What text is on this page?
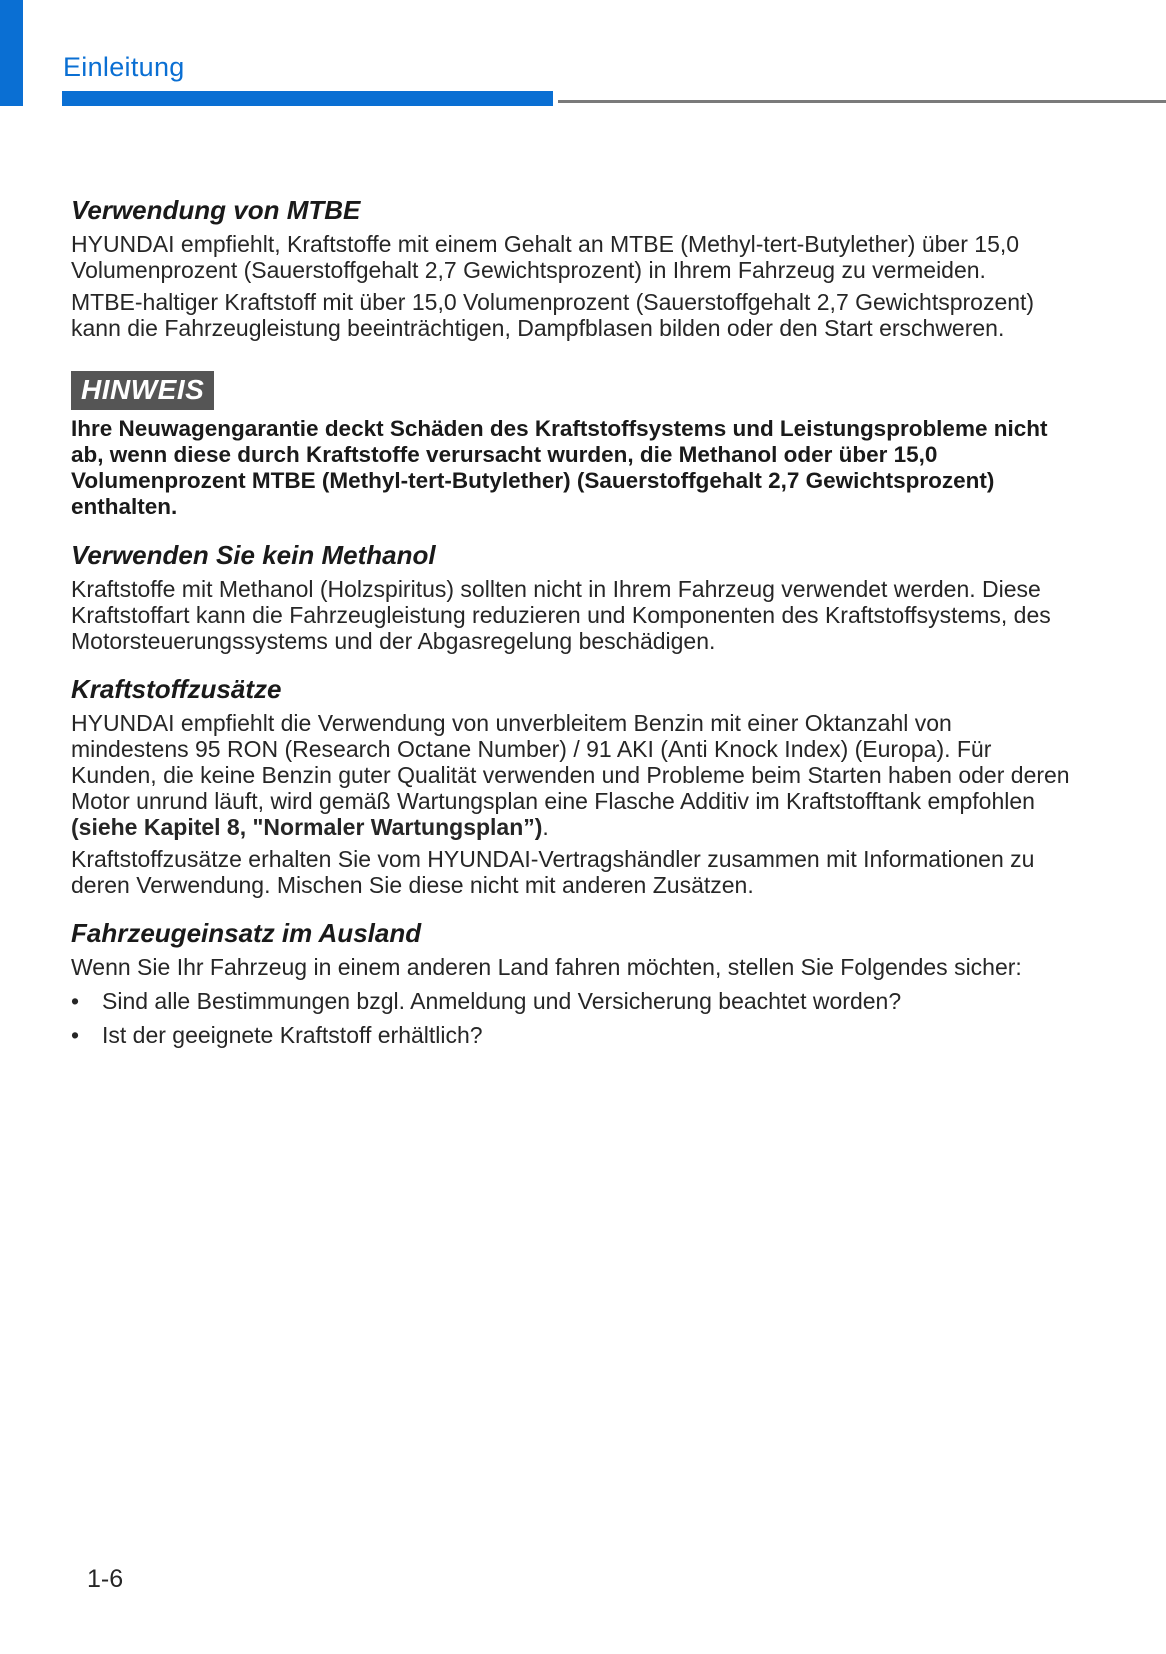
Einleitung
Verwendung von MTBE

HYUNDAI empfiehlt, Kraftstoffe mit einem Gehalt an MTBE (Methyl-tert-Butylether) über 15,0 Volumenprozent (Sauerstoffgehalt 2,7 Gewichtsprozent) in Ihrem Fahrzeug zu vermeiden.

MTBE-haltiger Kraftstoff mit über 15,0 Volumenprozent (Sauerstoffgehalt 2,7 Gewichtsprozent) kann die Fahrzeugleistung beeinträchtigen, Dampfblasen bilden oder den Start erschweren.

HINWEIS

Ihre Neuwagengarantie deckt Schäden des Kraftstoffsystems und Leistungsprobleme nicht ab, wenn diese durch Kraftstoffe verursacht wurden, die Methanol oder über 15,0 Volumenprozent MTBE (Methyl-tert-Butylether) (Sauerstoffgehalt 2,7 Gewichtsprozent) enthalten.

Verwenden Sie kein Methanol

Kraftstoffe mit Methanol (Holzspiritus) sollten nicht in Ihrem Fahrzeug verwendet werden. Diese Kraftstoffart kann die Fahrzeugleistung reduzieren und Komponenten des Kraftstoffsystems, des Motorsteuerungssystems und der Abgasregelung beschädigen.

Kraftstoffzusätze

HYUNDAI empfiehlt die Verwendung von unverbleitem Benzin mit einer Oktanzahl von mindestens 95 RON (Research Octane Number) / 91 AKI (Anti Knock Index) (Europa). Für Kunden, die keine Benzin guter Qualität verwenden und Probleme beim Starten haben oder deren Motor unrund läuft, wird gemäß Wartungsplan eine Flasche Additiv im Kraftstofftank empfohlen (siehe Kapitel 8, "Normaler Wartungsplan”).

Kraftstoffzusätze erhalten Sie vom HYUNDAI-Vertragshändler zusammen mit Informationen zu deren Verwendung. Mischen Sie diese nicht mit anderen Zusätzen.

Fahrzeugeinsatz im Ausland

Wenn Sie Ihr Fahrzeug in einem anderen Land fahren möchten, stellen Sie Folgendes sicher:

• Sind alle Bestimmungen bzgl. Anmeldung und Versicherung beachtet worden?
• Ist der geeignete Kraftstoff erhältlich?
1-6
